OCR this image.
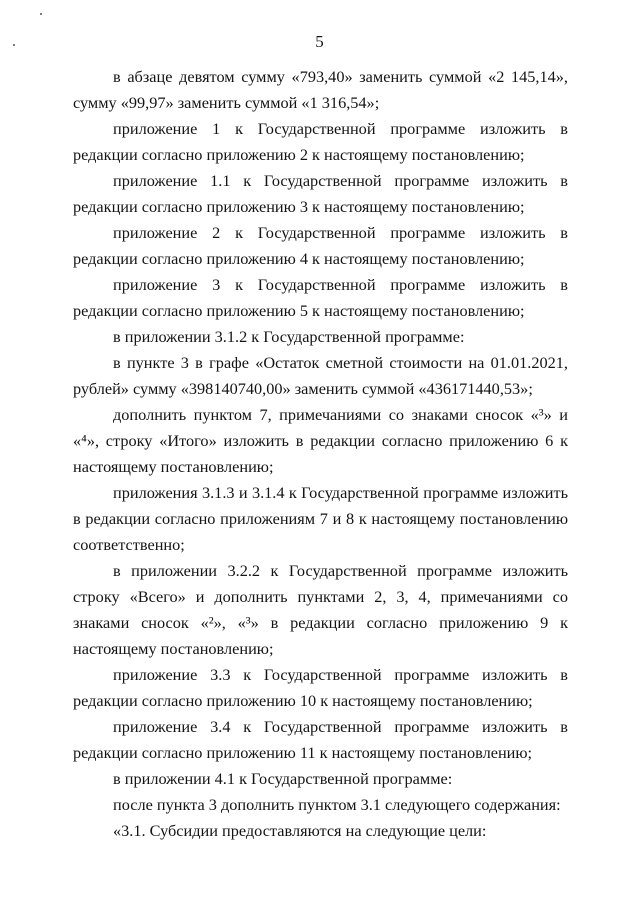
5

в абзаце девятом сумму «793,40» заменить суммой «2 145,14», сумму «99,97» заменить суммой «1 316,54»;

приложение 1 к Государственной программе изложить в редакции согласно приложению 2 к настоящему постановлению;

приложение 1.1 к Государственной программе изложить в редакции согласно приложению 3 к настоящему постановлению;

приложение 2 к Государственной программе изложить в редакции согласно приложению 4 к настоящему постановлению;

приложение 3 к Государственной программе изложить в редакции согласно приложению 5 к настоящему постановлению;

в приложении 3.1.2 к Государственной программе:

в пункте 3 в графе «Остаток сметной стоимости на 01.01.2021, рублей» сумму «398140740,00» заменить суммой «436171440,53»;

дополнить пунктом 7, примечаниями со знаками сносок «³» и «⁴», строку «Итого» изложить в редакции согласно приложению 6 к настоящему постановлению;

приложения 3.1.3 и 3.1.4 к Государственной программе изложить в редакции согласно приложениям 7 и 8 к настоящему постановлению соответственно;

в приложении 3.2.2 к Государственной программе изложить строку «Всего» и дополнить пунктами 2, 3, 4, примечаниями со знаками сносок «²», «³» в редакции согласно приложению 9 к настоящему постановлению;

приложение 3.3 к Государственной программе изложить в редакции согласно приложению 10 к настоящему постановлению;

приложение 3.4 к Государственной программе изложить в редакции согласно приложению 11 к настоящему постановлению;

в приложении 4.1 к Государственной программе:

после пункта 3 дополнить пунктом 3.1 следующего содержания:

«3.1. Субсидии предоставляются на следующие цели:
